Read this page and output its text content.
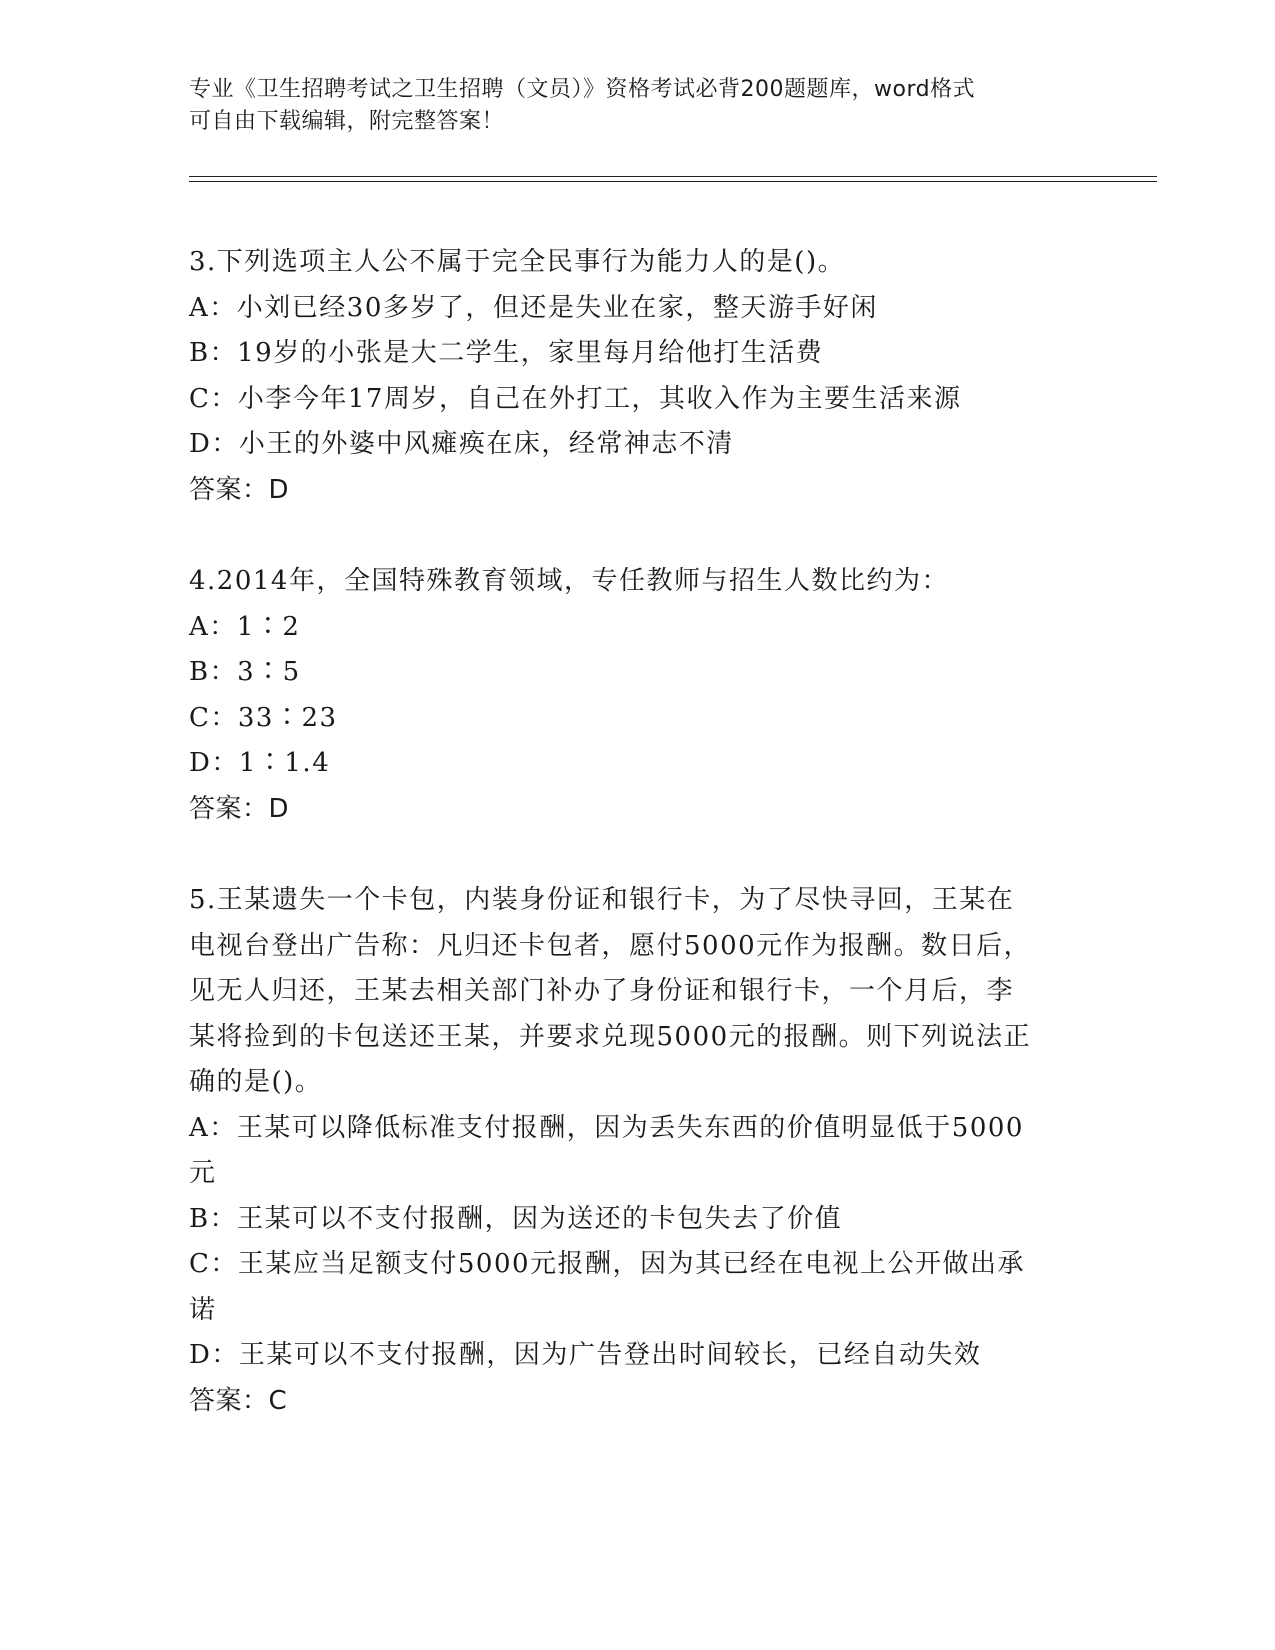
专业《卫生招聘考试之卫生招聘（文员）》资格考试必背200题题库，word格式
可自由下载编辑，附完整答案！
3.下列选项主人公不属于完全民事行为能力人的是()。
A：小刘已经30多岁了，但还是失业在家，整天游手好闲
B：19岁的小张是大二学生，家里每月给他打生活费
C：小李今年17周岁，自己在外打工，其收入作为主要生活来源
D：小王的外婆中风瘫痪在床，经常神志不清
答案：D
4.2014年，全国特殊教育领域，专任教师与招生人数比约为：
A：1∶2
B：3∶5
C：33∶23
D：1∶1.4
答案：D
5.王某遗失一个卡包，内装身份证和银行卡，为了尽快寻回，王某在
电视台登出广告称：凡归还卡包者，愿付5000元作为报酬。数日后，
见无人归还，王某去相关部门补办了身份证和银行卡，一个月后，李
某将捡到的卡包送还王某，并要求兑现5000元的报酬。则下列说法正
确的是()。
A：王某可以降低标准支付报酬，因为丢失东西的价值明显低于5000
元
B：王某可以不支付报酬，因为送还的卡包失去了价值
C：王某应当足额支付5000元报酬，因为其已经在电视上公开做出承
诺
D：王某可以不支付报酬，因为广告登出时间较长，已经自动失效
答案：C
